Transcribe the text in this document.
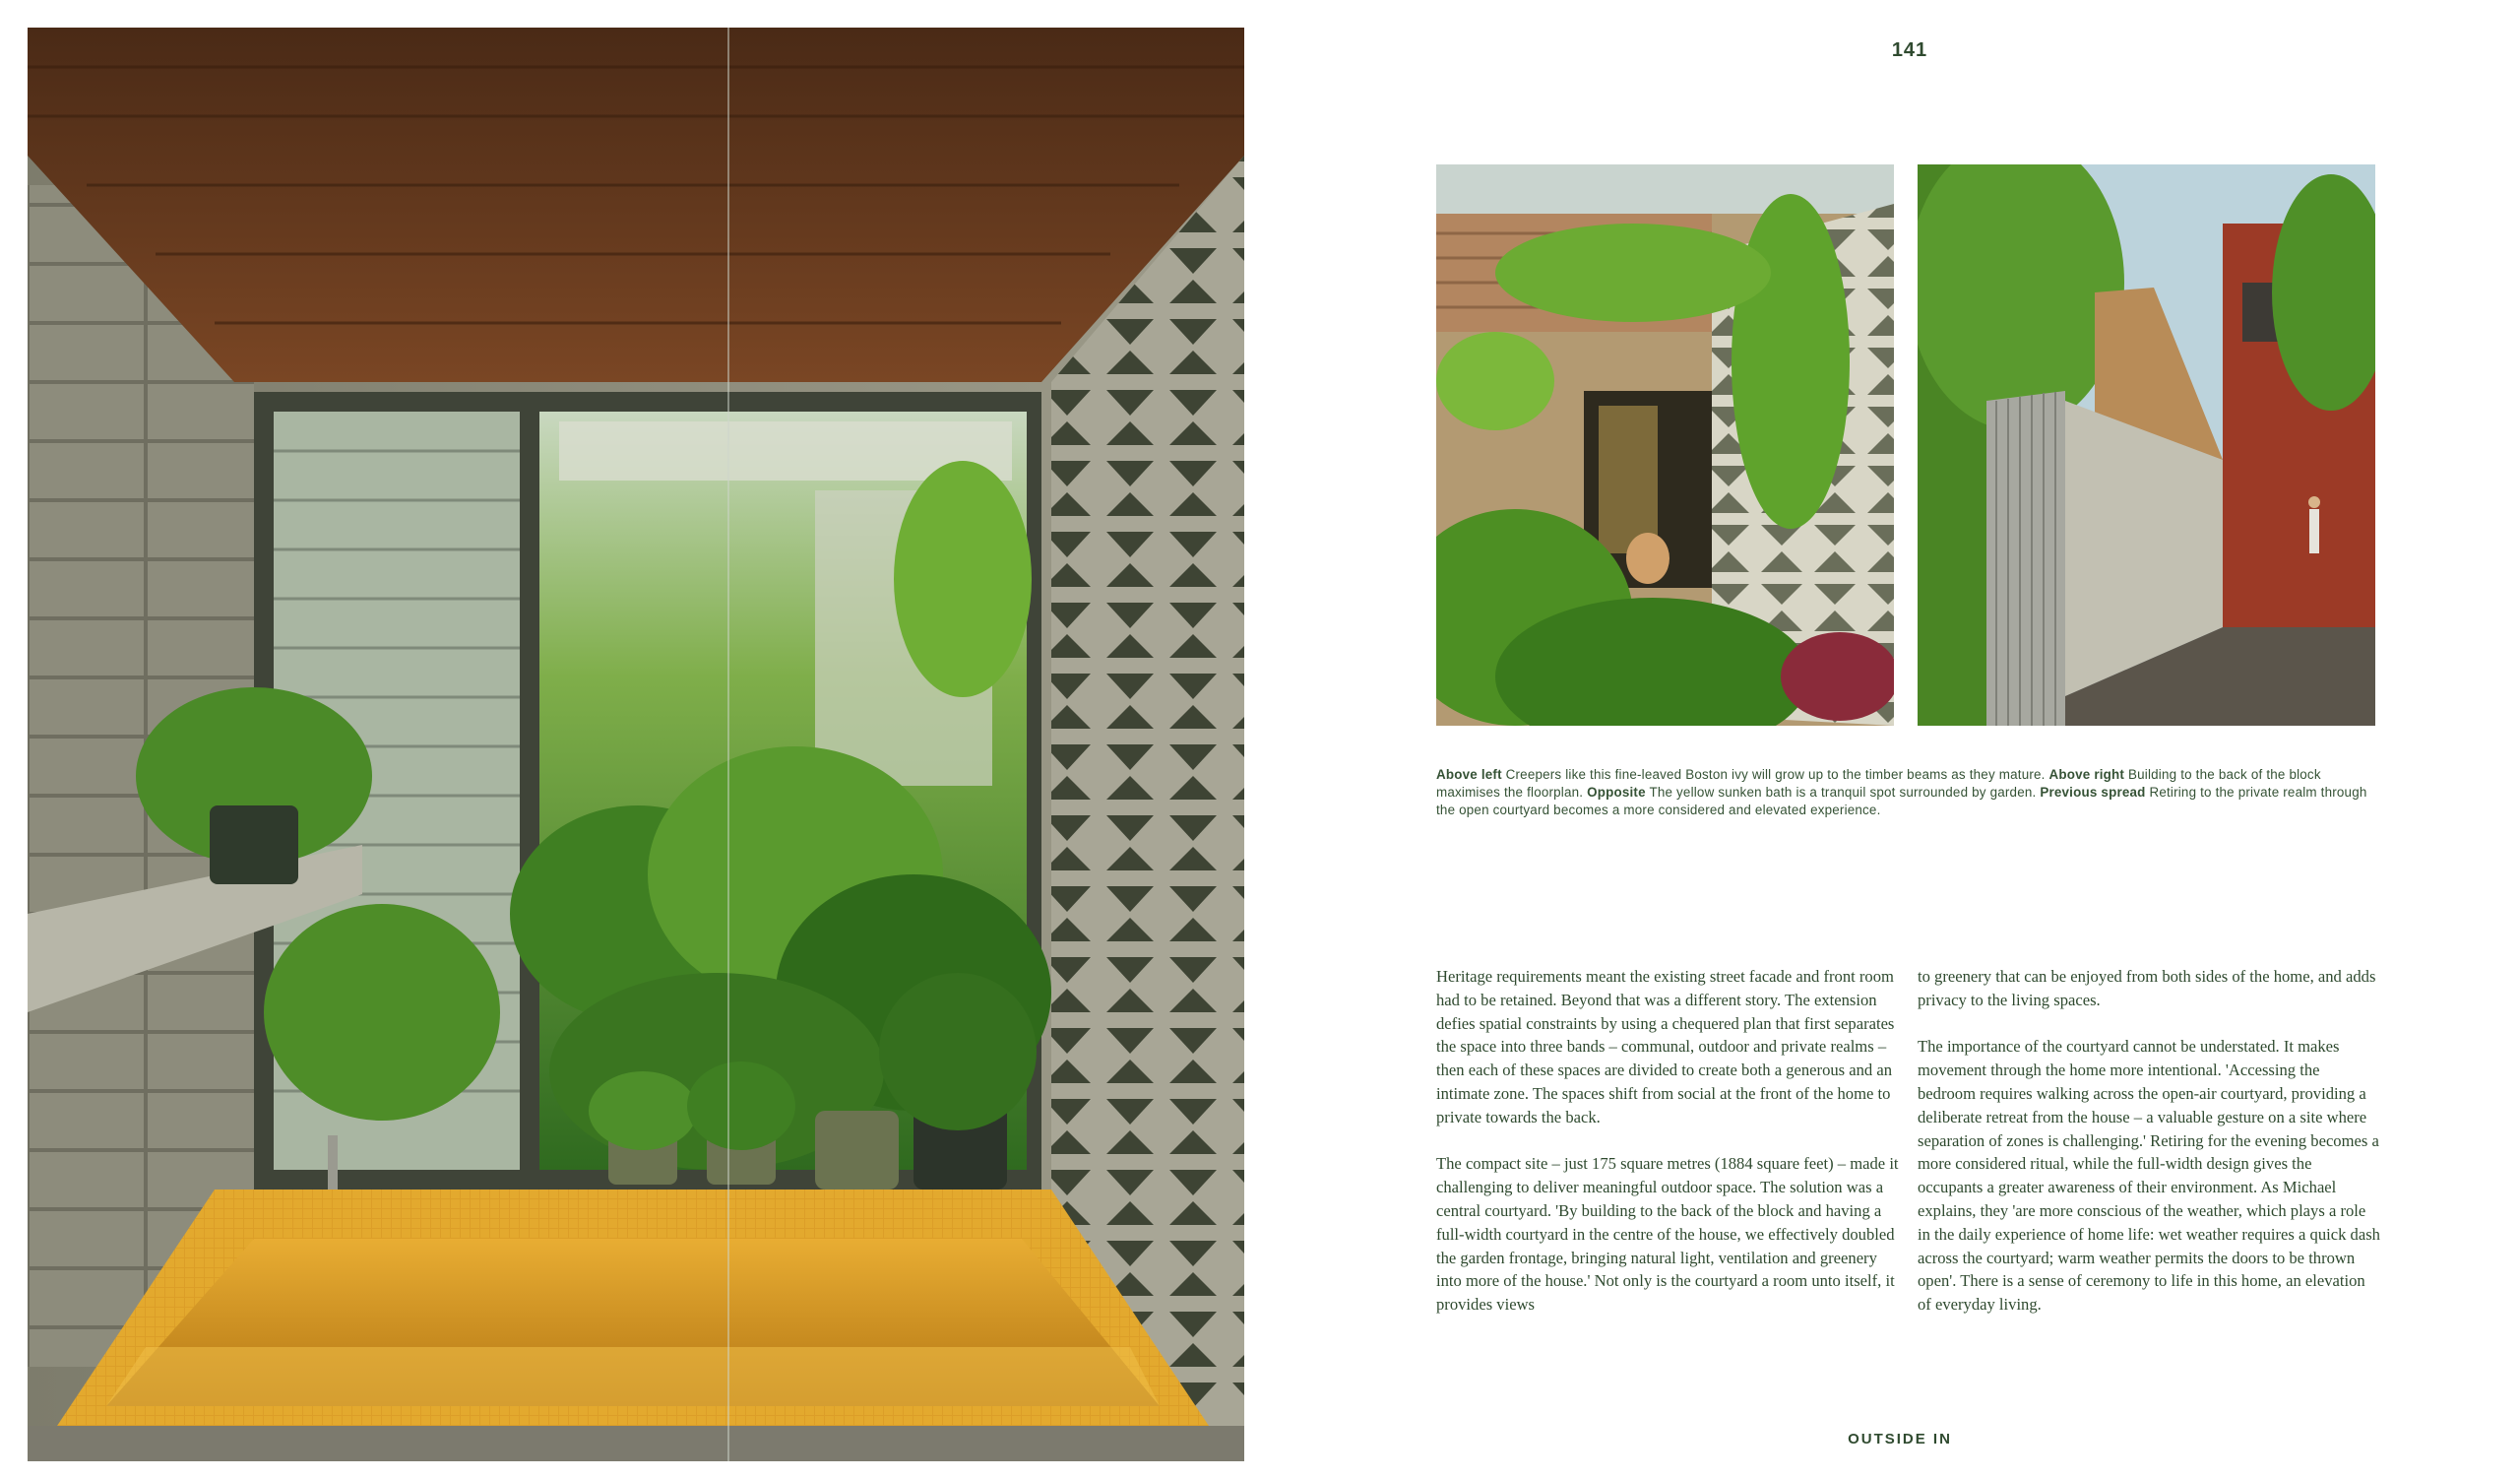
141
Above left Creepers like this fine-leaved Boston ivy will grow up to the timber beams as they mature. Above right Building to the back of the block maximises the floorplan. Opposite The yellow sunken bath is a tranquil spot surrounded by garden. Previous spread Retiring to the private realm through the open courtyard becomes a more considered and elevated experience.

Heritage requirements meant the existing street facade and front room had to be retained. Beyond that was a different story. The extension defies spatial constraints by using a chequered plan that first separates the space into three bands – communal, outdoor and private realms – then each of these spaces are divided to create both a generous and an intimate zone. The spaces shift from social at the front of the home to private towards the back.

The compact site – just 175 square metres (1884 square feet) – made it challenging to deliver meaningful outdoor space. The solution was a central courtyard. 'By building to the back of the block and having a full-width courtyard in the centre of the house, we effectively doubled the garden frontage, bringing natural light, ventilation and greenery into more of the house.' Not only is the courtyard a room unto itself, it provides views

to greenery that can be enjoyed from both sides of the home, and adds privacy to the living spaces.

The importance of the courtyard cannot be understated. It makes movement through the home more intentional. 'Accessing the bedroom requires walking across the open-air courtyard, providing a deliberate retreat from the house – a valuable gesture on a site where separation of zones is challenging.' Retiring for the evening becomes a more considered ritual, while the full-width design gives the occupants a greater awareness of their environment. As Michael explains, they 'are more conscious of the weather, which plays a role in the daily experience of home life: wet weather requires a quick dash across the courtyard; warm weather permits the doors to be thrown open'. There is a sense of ceremony to life in this home, an elevation of everyday living.

OUTSIDE IN
